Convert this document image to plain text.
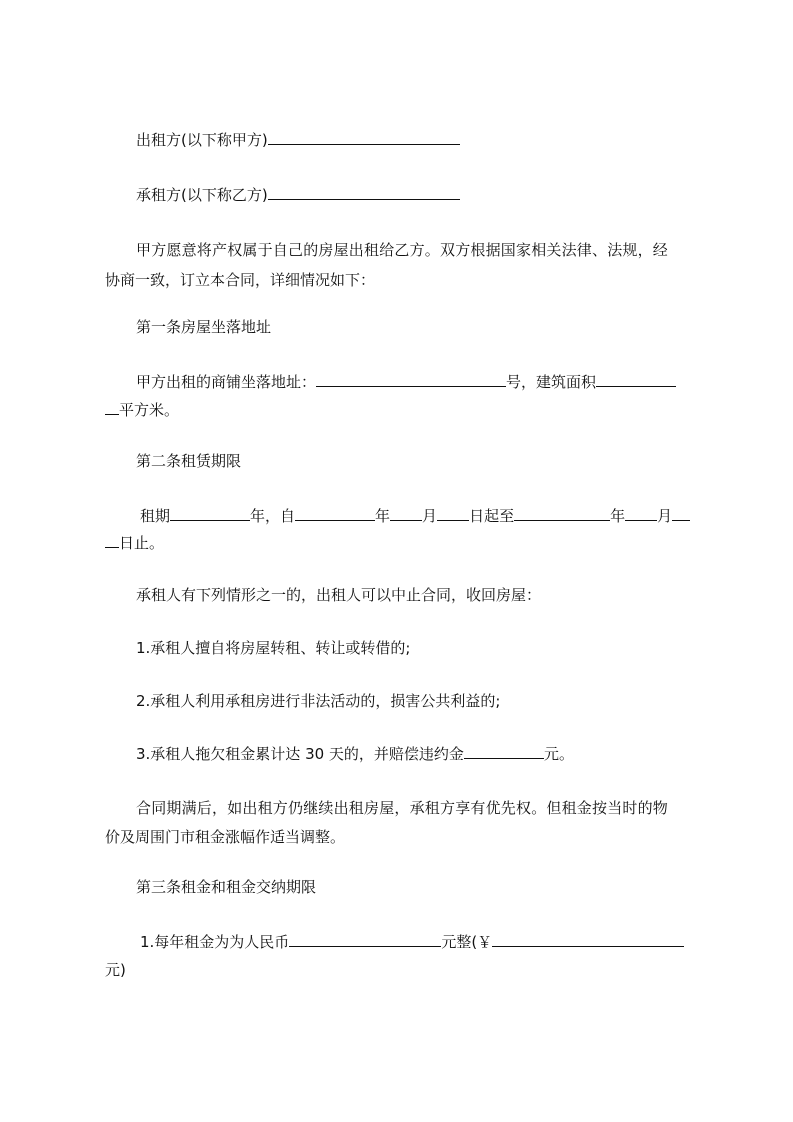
出租方(以下称甲方)
承租方(以下称乙方)
甲方愿意将产权属于自己的房屋出租给乙方。双方根据国家相关法律、法规，经
协商一致，订立本合同，详细情况如下：
第一条房屋坐落地址
甲方出租的商铺坐落地址：	号，建筑面积
平方米。
第二条租赁期限
租期	年，自	年 月 日起至	年 月
日止。
承租人有下列情形之一的，出租人可以中止合同，收回房屋：
1.承租人擅自将房屋转租、转让或转借的;
2.承租人利用承租房进行非法活动的，损害公共利益的;
3.承租人拖欠租金累计达 30 天的，并赔偿违约金	元。
合同期满后，如出租方仍继续出租房屋，承租方享有优先权。但租金按当时的物
价及周围门市租金涨幅作适当调整。
第三条租金和租金交纳期限
1.每年租金为为人民币	元整(￥
元)
